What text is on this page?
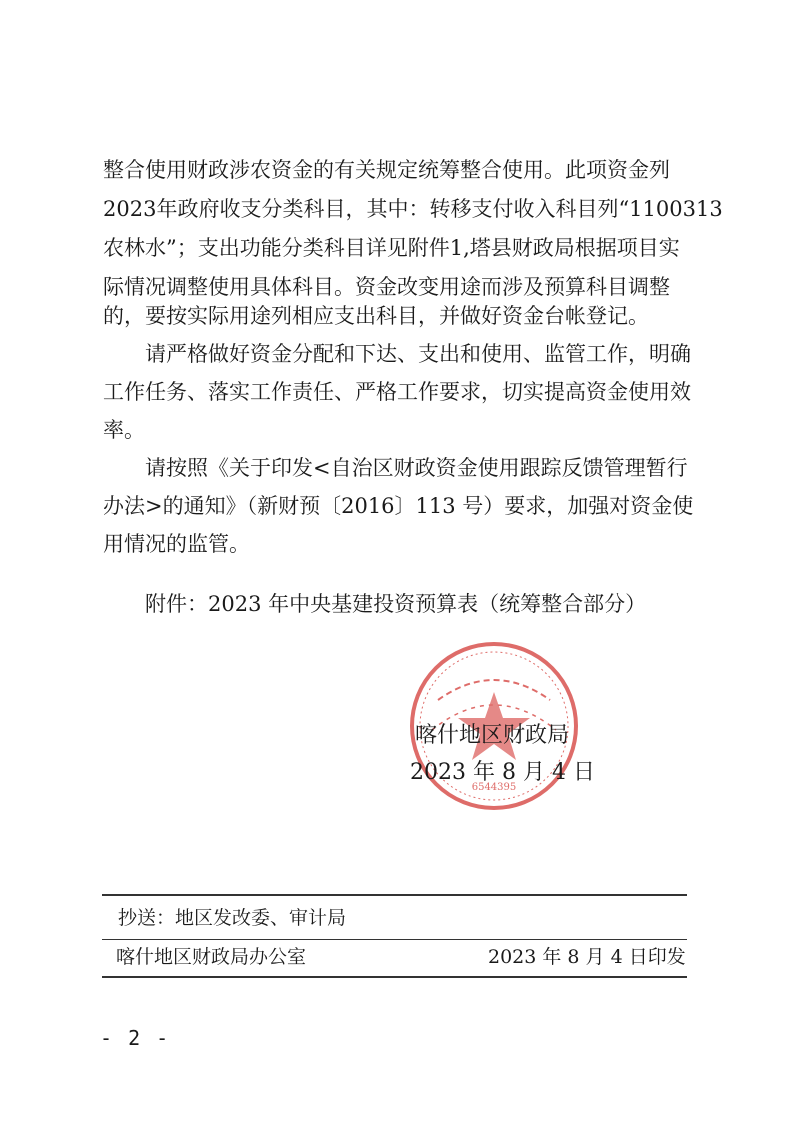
整合使用财政涉农资金的有关规定统筹整合使用。此项资金列
2023年政府收支分类科目，其中：转移支付收入科目列“1100313
农林水”；支出功能分类科目详见附件1,塔县财政局根据项目实
际情况调整使用具体科目。资金改变用途而涉及预算科目调整
的，要按实际用途列相应支出科目，并做好资金台帐登记。
　　请严格做好资金分配和下达、支出和使用、监管工作，明确
工作任务、落实工作责任、严格工作要求，切实提高资金使用效
率。
　　请按照《关于印发<自治区财政资金使用跟踪反馈管理暂行
办法>的通知》（新财预〔2016〕113 号）要求，加强对资金使
用情况的监管。
附件：2023 年中央基建投资预算表（统筹整合部分）
6544395
喀什地区财政局
2023 年 8 月 4 日
抄送：地区发改委、审计局
喀什地区财政局办公室	2023 年 8 月 4 日印发
- 2 -
